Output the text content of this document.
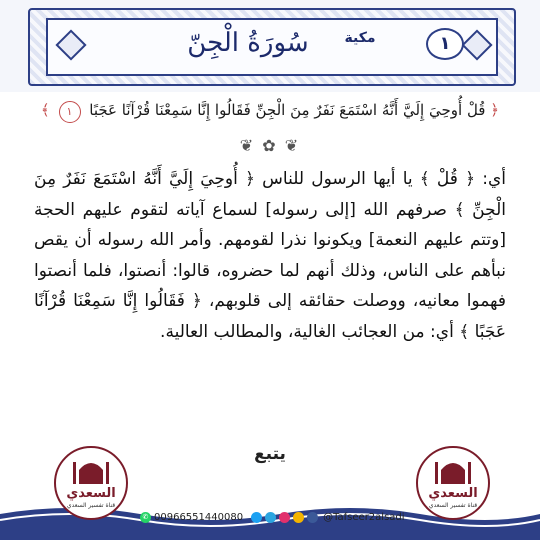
سُورَةُ الْجِنّ	مكية	١
﴿ قُلْ أُوحِيَ إِلَيَّ أَنَّهُ اسْتَمَعَ نَفَرٌ مِنَ الْجِنِّ فَقَالُوا إِنَّا سَمِعْنَا قُرْآنًا عَجَبًا ١ ﴾
❦ ✿ ❦
أي: ﴿ قُلْ ﴾ يا أيها الرسول للناس ﴿ أُوحِيَ إِلَيَّ أَنَّهُ اسْتَمَعَ نَفَرٌ مِنَ الْجِنِّ ﴾ صرفهم الله [إلى رسوله] لسماع آياته لتقوم عليهم الحجة [وتتم عليهم النعمة] ويكونوا نذرا لقومهم. وأمر الله رسوله أن يقص نبأهم على الناس، وذلك أنهم لما حضروه، قالوا: أنصتوا، فلما أنصتوا فهموا معانيه، ووصلت حقائقه إلى قلوبهم، ﴿ فَقَالُوا إِنَّا سَمِعْنَا قُرْآنًا عَجَبًا ﴾ أي: من العجائب الغالية، والمطالب العالية.
السعدي
قناة تفسير السعدي
السعدي
قناة تفسير السعدي
✆ 00966551440080	@Tafseer2alsadi
يتبع
